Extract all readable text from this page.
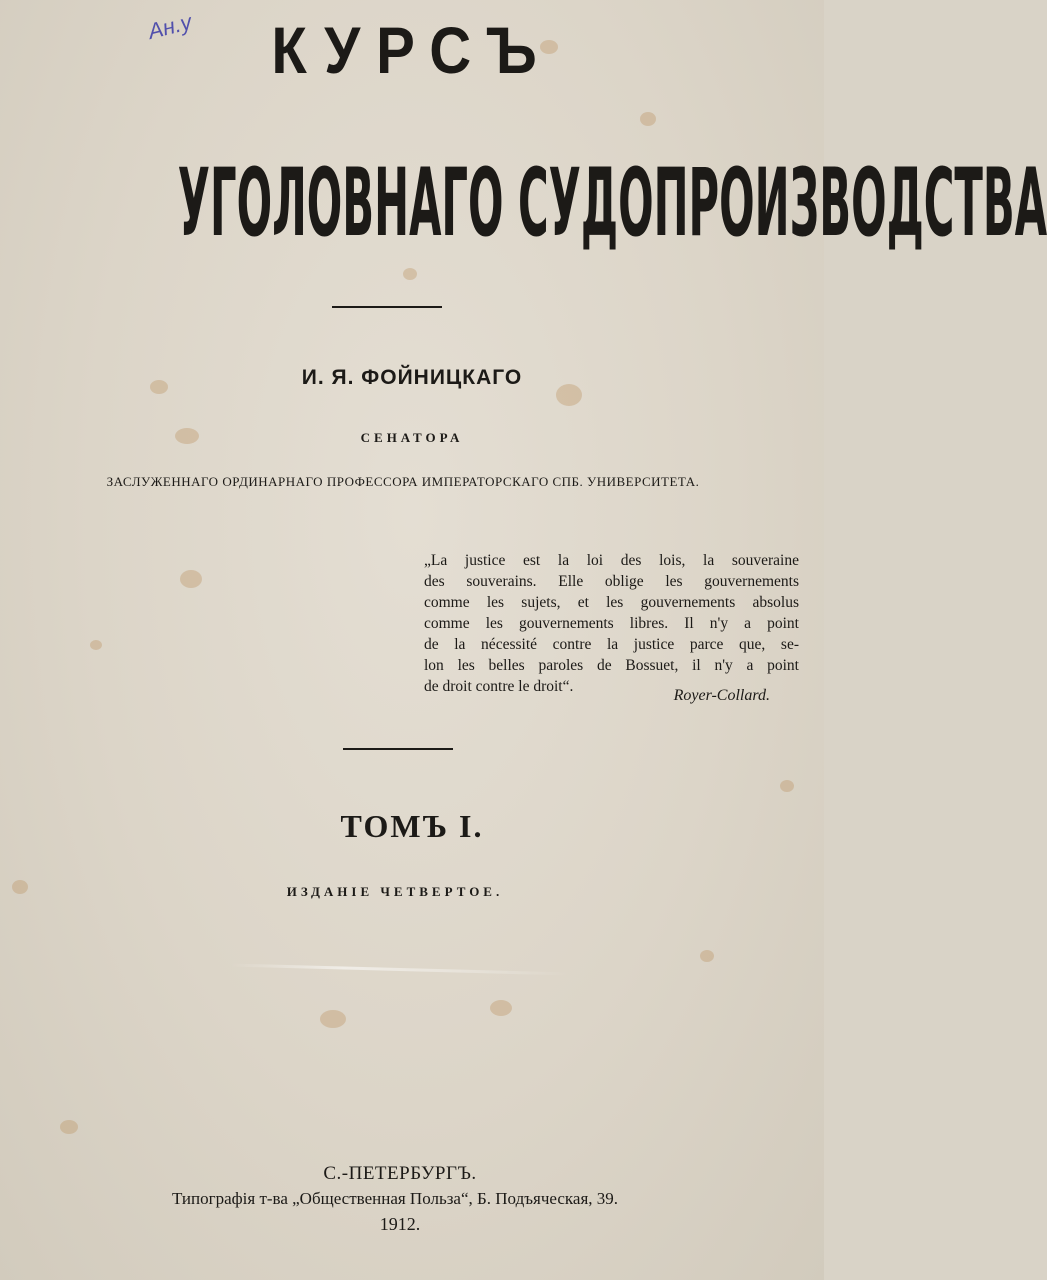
Ан.у	КУРСЪ
УГОЛОВНАГО СУДОПРОИЗВОДСТВА
И. Я. ФОЙНИЦКАГО
СЕНАТОРА
ЗАСЛУЖЕННАГО ОРДИНАРНАГО ПРОФЕССОРА ИМПЕРАТОРСКАГО СПБ. УНИВЕРСИТЕТА.
„La justice est la loi des lois, la souveraine
des souverains. Elle oblige les gouvernements
comme les sujets, et les gouvernements absolus
comme les gouvernements libres. Il n'y a point
de la nécessité contre la justice parce que, se-
lon les belles paroles de Bossuet, il n'y a point
de droit contre le droit“.
Royer-Collard.
ТОМЪ I.
ИЗДАНІЕ ЧЕТВЕРТОЕ.
С.-ПЕТЕРБУРГЪ.
Типографія т-ва „Общественная Польза“, Б. Подъяческая, 39.
1912.
